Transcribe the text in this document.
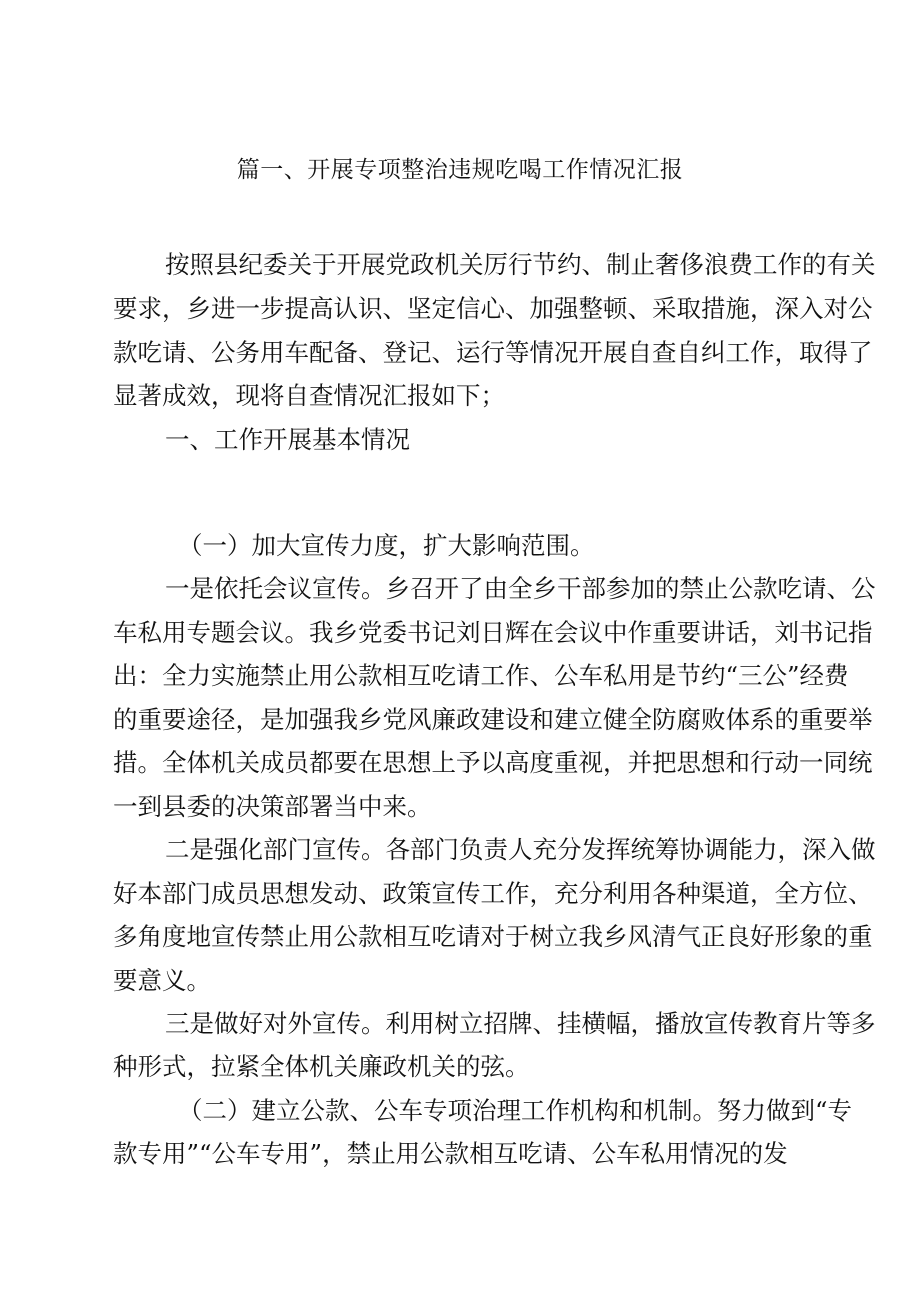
篇一、开展专项整治违规吃喝工作情况汇报
按照县纪委关于开展党政机关厉行节约、制止奢侈浪费工作的有关
要求，乡进一步提高认识、坚定信心、加强整顿、采取措施，深入对公
款吃请、公务用车配备、登记、运行等情况开展自查自纠工作，取得了
显著成效，现将自查情况汇报如下；
一、工作开展基本情况
（一）加大宣传力度，扩大影响范围。
一是依托会议宣传。乡召开了由全乡干部参加的禁止公款吃请、公
车私用专题会议。我乡党委书记刘日辉在会议中作重要讲话，刘书记指
出：全力实施禁止用公款相互吃请工作、公车私用是节约“三公”经费
的重要途径，是加强我乡党风廉政建设和建立健全防腐败体系的重要举
措。全体机关成员都要在思想上予以高度重视，并把思想和行动一同统
一到县委的决策部署当中来。
二是强化部门宣传。各部门负责人充分发挥统筹协调能力，深入做
好本部门成员思想发动、政策宣传工作，充分利用各种渠道，全方位、
多角度地宣传禁止用公款相互吃请对于树立我乡风清气正良好形象的重
要意义。
三是做好对外宣传。利用树立招牌、挂横幅，播放宣传教育片等多
种形式，拉紧全体机关廉政机关的弦。
（二）建立公款、公车专项治理工作机构和机制。努力做到“专
款专用”“公车专用”，禁止用公款相互吃请、公车私用情况的发
